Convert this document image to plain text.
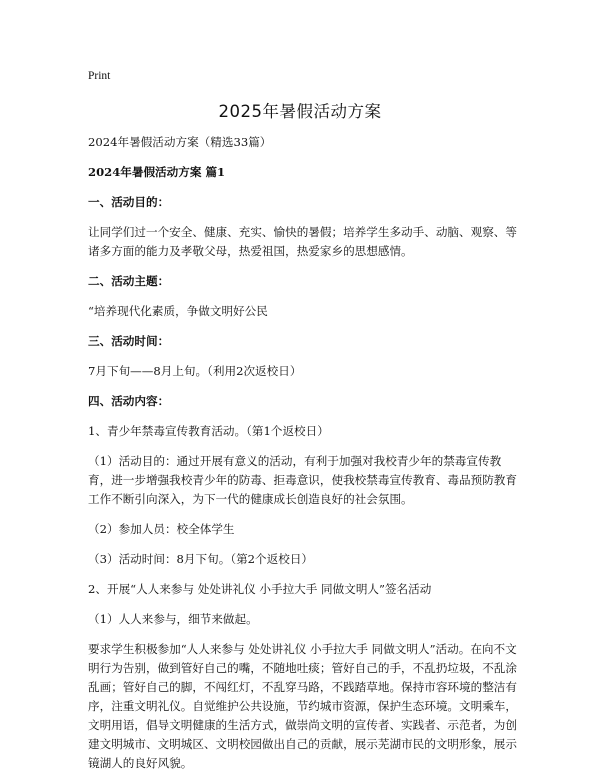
Print
2025年暑假活动方案

2024年暑假活动方案（精选33篇）

2024年暑假活动方案 篇1

一、活动目的：

让同学们过一个安全、健康、充实、愉快的暑假；培养学生多动手、动脑、观察、等诸多方面的能力及孝敬父母，热爱祖国，热爱家乡的思想感情。

二、活动主题：

“培养现代化素质，争做文明好公民

三、活动时间：

7月下旬——8月上旬。（利用2次返校日）

四、活动内容：

1、青少年禁毒宣传教育活动。（第1个返校日）

（1）活动目的：通过开展有意义的活动，有利于加强对我校青少年的禁毒宣传教育，进一步增强我校青少年的防毒、拒毒意识，使我校禁毒宣传教育、毒品预防教育工作不断引向深入，为下一代的健康成长创造良好的社会氛围。

（2）参加人员：校全体学生

（3）活动时间：8月下旬。（第2个返校日）

2、开展“人人来参与 处处讲礼仪 小手拉大手 同做文明人”签名活动

（1）人人来参与，细节来做起。

要求学生积极参加“人人来参与 处处讲礼仪 小手拉大手 同做文明人”活动。在向不文明行为告别，做到管好自己的嘴，不随地吐痰；管好自己的手，不乱扔垃圾，不乱涂乱画；管好自己的脚，不闯红灯，不乱穿马路，不践踏草地。保持市容环境的整洁有序，注重文明礼仪。自觉维护公共设施，节约城市资源，保护生态环境。文明乘车，文明用语，倡导文明健康的生活方式，做崇尚文明的宣传者、实践者、示范者，为创建文明城市、文明城区、文明校园做出自己的贡献，展示芜湖市民的文明形象，展示镜湖人的良好风貌。
